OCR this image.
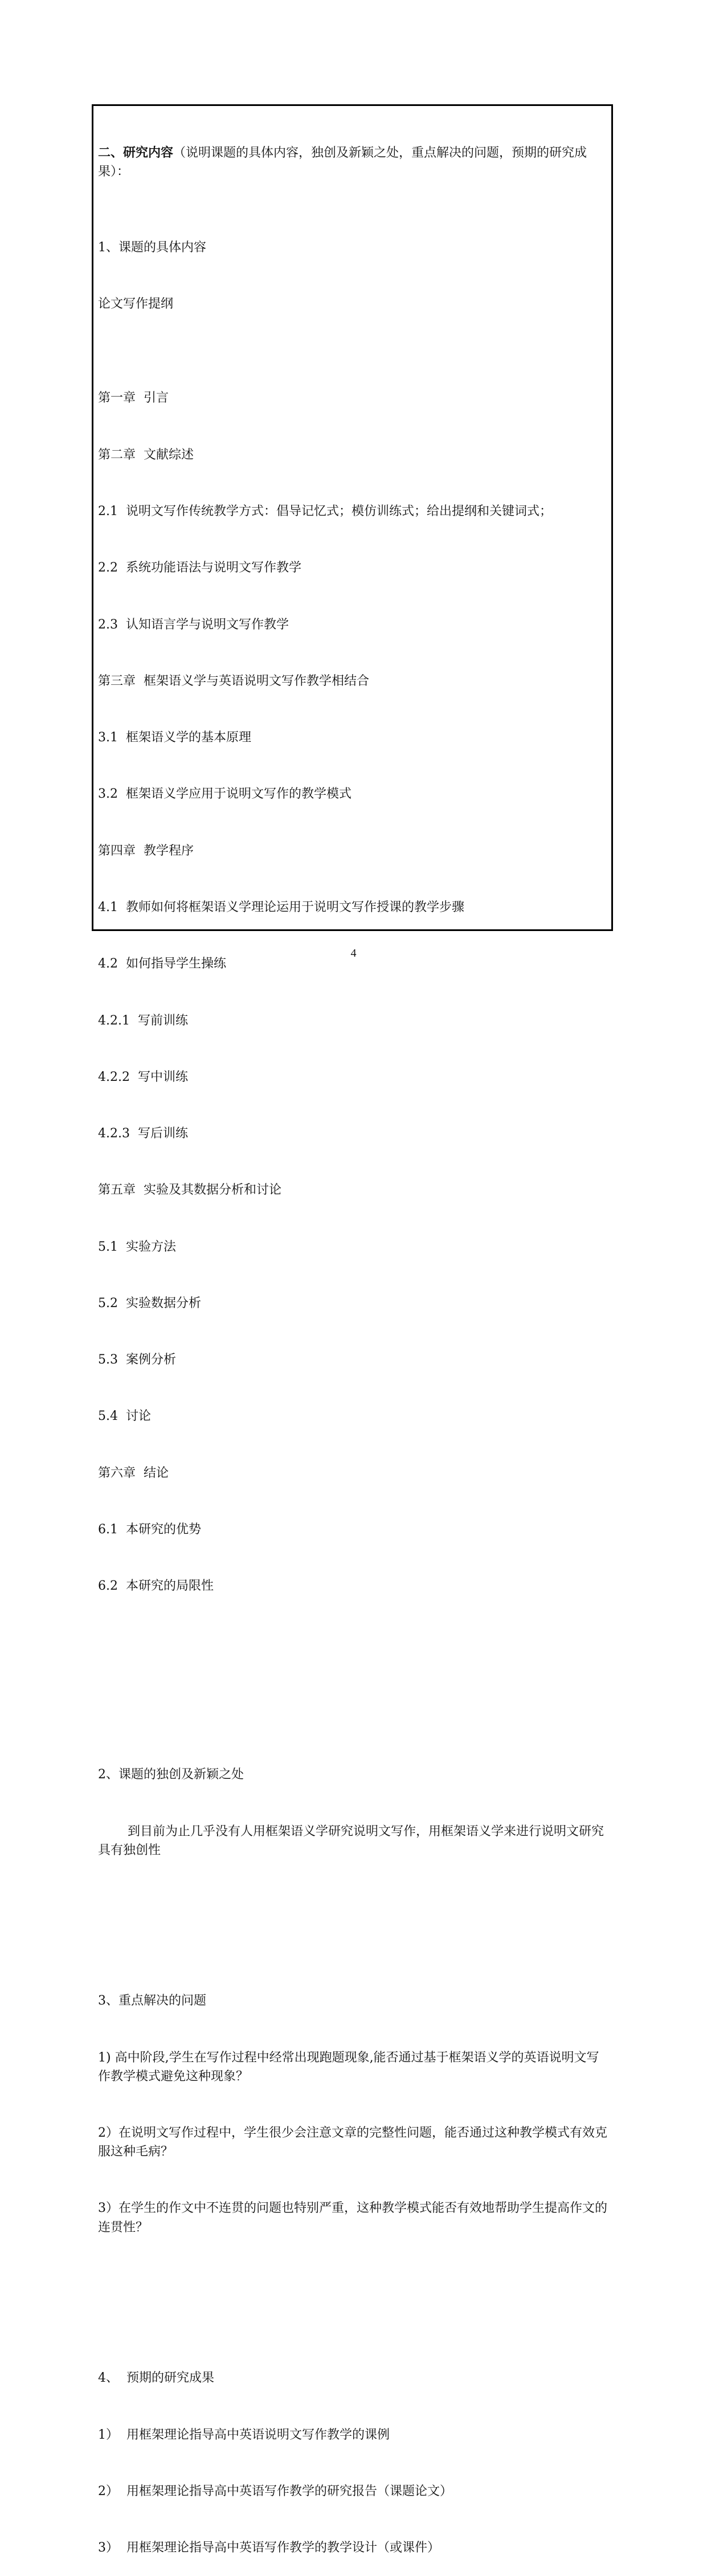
二、研究内容（说明课题的具体内容，独创及新颖之处，重点解决的问题，预期的研究成果）：

1、课题的具体内容

论文写作提纲

第一章  引言

第二章  文献综述

2.1  说明文写作传统教学方式：倡导记忆式；模仿训练式；给出提纲和关键词式；

2.2  系统功能语法与说明文写作教学

2.3  认知语言学与说明文写作教学

第三章  框架语义学与英语说明文写作教学相结合

3.1  框架语义学的基本原理

3.2  框架语义学应用于说明文写作的教学模式

第四章  教学程序

4.1  教师如何将框架语义学理论运用于说明文写作授课的教学步骤

4.2  如何指导学生操练

4.2.1  写前训练

4.2.2  写中训练

4.2.3  写后训练

第五章  实验及其数据分析和讨论

5.1  实验方法

5.2  实验数据分析

5.3  案例分析

5.4  讨论

第六章  结论

6.1  本研究的优势

6.2  本研究的局限性

2、课题的独创及新颖之处

到目前为止几乎没有人用框架语义学研究说明文写作，用框架语义学来进行说明文研究具有独创性

3、重点解决的问题

1) 高中阶段,学生在写作过程中经常出现跑题现象,能否通过基于框架语义学的英语说明文写作教学模式避免这种现象？

2）在说明文写作过程中，学生很少会注意文章的完整性问题，能否通过这种教学模式有效克服这种毛病？

3）在学生的作文中不连贯的问题也特别严重，这种教学模式能否有效地帮助学生提高作文的连贯性？

4、  预期的研究成果

1）  用框架理论指导高中英语说明文写作教学的课例

2）  用框架理论指导高中英语写作教学的研究报告（课题论文）

3）  用框架理论指导高中英语写作教学的教学设计（或课件）

4
